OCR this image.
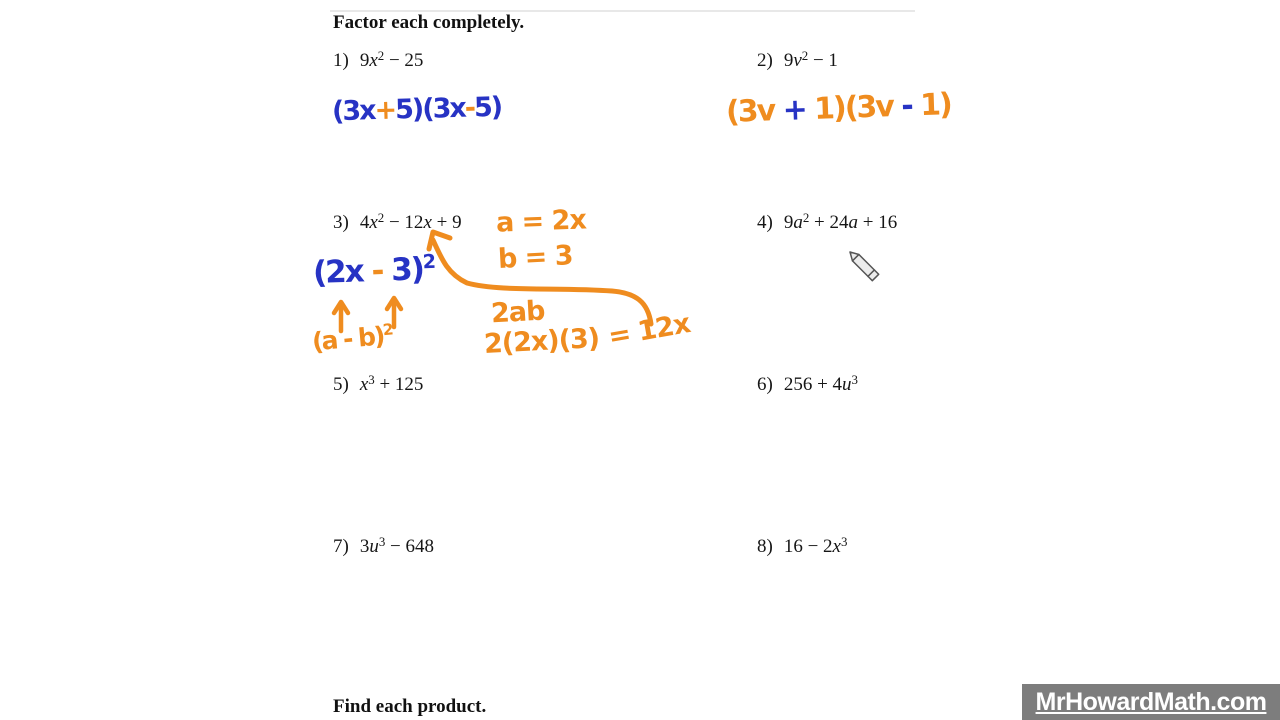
Factor each completely.
1) $9x^2 - 25$	2) $9v^2 - 1$
3) $4x^2 - 12x + 9$	4) $9a^2 + 24a + 16$
5) $x^3 + 125$	6) $256 + 4u^3$
7) $3u^3 - 648$	8) $16 - 2x^3$
(3x+5)(3x-5)	(3v + 1)(3v - 1)
a = 2x
b = 3
(2x - 3)$^2$
(a - b)$^2$
2ab
2(2x)(3) = 12x
Find each product.	MrHowardMath.com
